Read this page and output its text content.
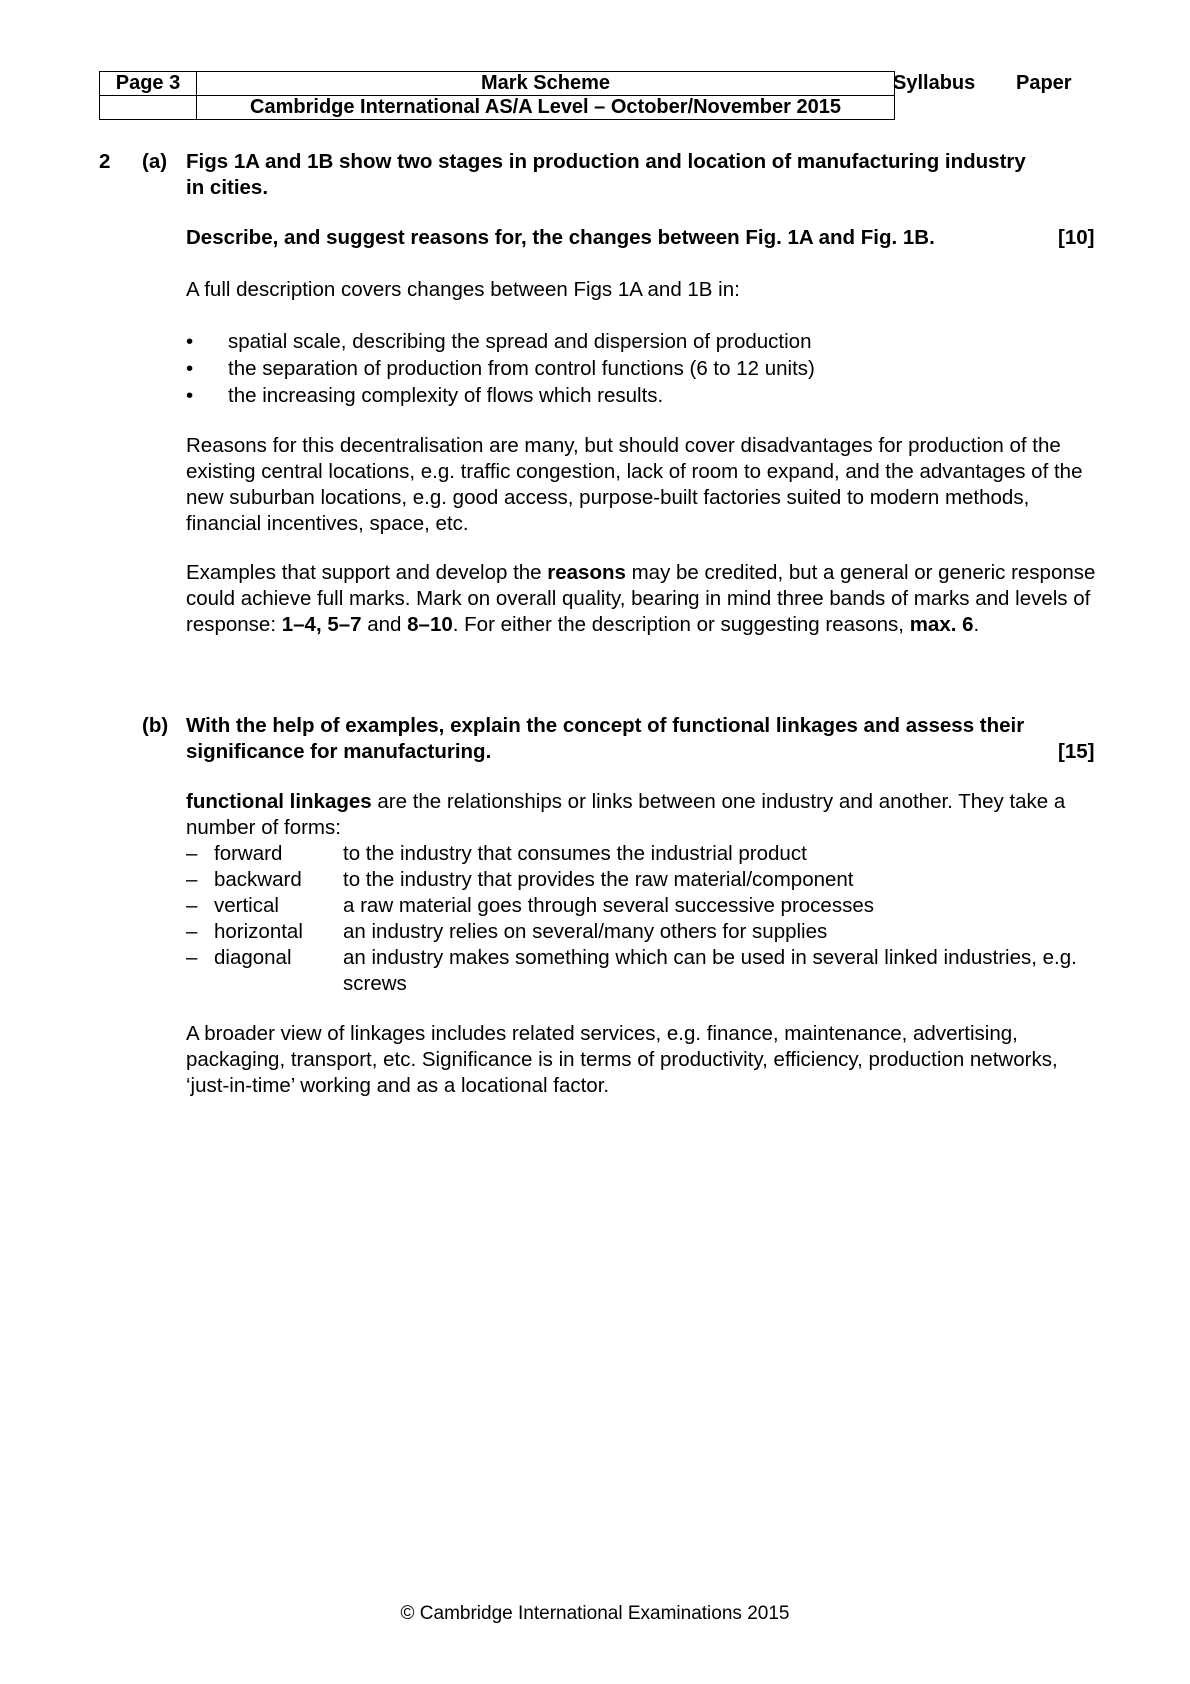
Page 3	Mark Scheme
	Cambridge International AS/A Level – October/November 2015
Syllabus Paper
2 (a) Figs 1A and 1B show two stages in production and location of manufacturing industry
in cities.
Describe, and suggest reasons for, the changes between Fig. 1A and Fig. 1B.	[10]
A full description covers changes between Figs 1A and 1B in:
• spatial scale, describing the spread and dispersion of production
• the separation of production from control functions (6 to 12 units)
• the increasing complexity of flows which results.
Reasons for this decentralisation are many, but should cover disadvantages for production of the existing central locations, e.g. traffic congestion, lack of room to expand, and the advantages of the new suburban locations, e.g. good access, purpose-built factories suited to modern methods, financial incentives, space, etc.
Examples that support and develop the reasons may be credited, but a general or generic response could achieve full marks. Mark on overall quality, bearing in mind three bands of marks and levels of response: 1–4, 5–7 and 8–10. For either the description or suggesting reasons, max. 6.
(b) With the help of examples, explain the concept of functional linkages and assess their
significance for manufacturing.	[15]
functional linkages are the relationships or links between one industry and another. They take a number of forms:
– forward	to the industry that consumes the industrial product
– backward to the industry that provides the raw material/component
– vertical	a raw material goes through several successive processes
– horizontal an industry relies on several/many others for supplies
– diagonal	an industry makes something which can be used in several linked industries, e.g. screws
A broader view of linkages includes related services, e.g. finance, maintenance, advertising, packaging, transport, etc. Significance is in terms of productivity, efficiency, production networks, ‘just-in-time’ working and as a locational factor.
© Cambridge International Examinations 2015
